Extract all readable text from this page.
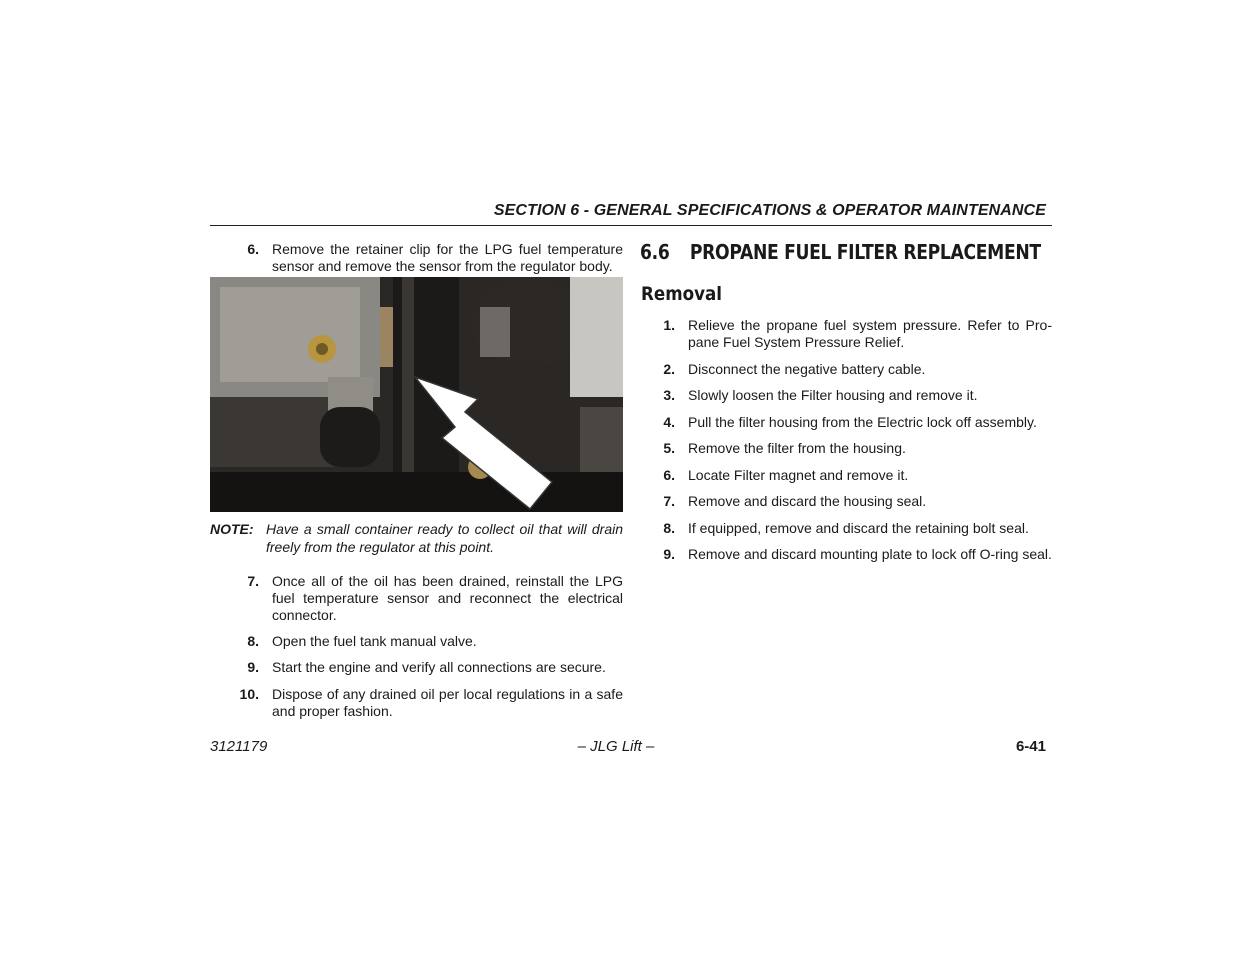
SECTION 6 - GENERAL SPECIFICATIONS & OPERATOR MAINTENANCE
6. Remove the retainer clip for the LPG fuel temperature sensor and remove the sensor from the regulator body.
NOTE: Have a small container ready to collect oil that will drain freely from the regulator at this point.
7. Once all of the oil has been drained, reinstall the LPG fuel temperature sensor and reconnect the electrical connector.
8. Open the fuel tank manual valve.
9. Start the engine and verify all connections are secure.
10. Dispose of any drained oil per local regulations in a safe and proper fashion.
6.6 PROPANE FUEL FILTER REPLACEMENT
Removal
1. Relieve the propane fuel system pressure. Refer to Pro-pane Fuel System Pressure Relief.
2. Disconnect the negative battery cable.
3. Slowly loosen the Filter housing and remove it.
4. Pull the filter housing from the Electric lock off assembly.
5. Remove the filter from the housing.
6. Locate Filter magnet and remove it.
7. Remove and discard the housing seal.
8. If equipped, remove and discard the retaining bolt seal.
9. Remove and discard mounting plate to lock off O-ring seal.
3121179	– JLG Lift –	6-41
